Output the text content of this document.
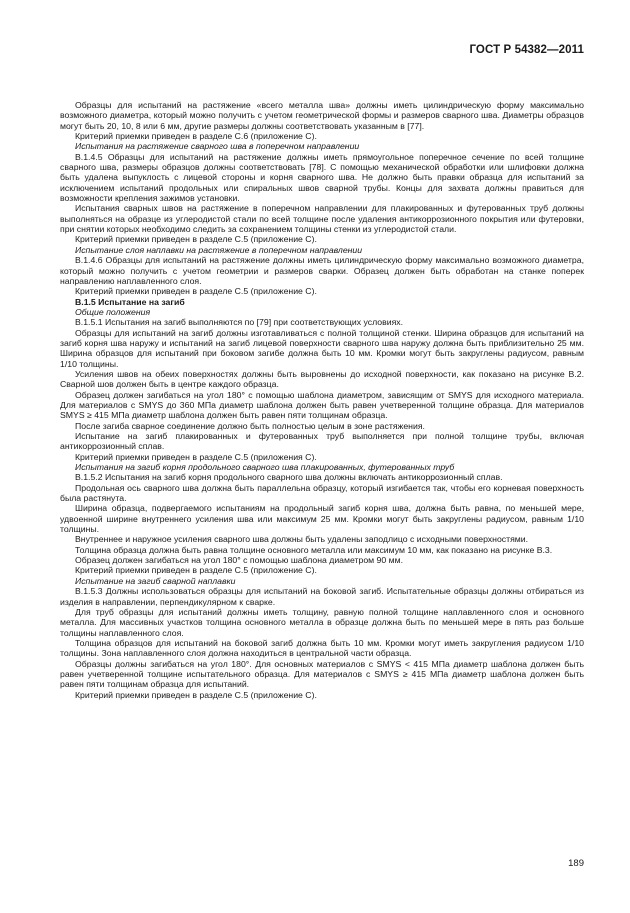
ГОСТ Р 54382—2011

Образцы для испытаний на растяжение «всего металла шва» должны иметь цилиндрическую форму максимально возможного диаметра, который можно получить с учетом геометрической формы и размеров сварного шва. Диаметры образцов могут быть 20, 10, 8 или 6 мм, другие размеры должны соответствовать указанным в [77].

Критерий приемки приведен в разделе С.6 (приложение С).

Испытания на растяжение сварного шва в поперечном направлении

В.1.4.5 Образцы для испытаний на растяжение должны иметь прямоугольное поперечное сечение по всей толщине сварного шва, размеры образцов должны соответствовать [78]. С помощью механической обработки или шлифовки должна быть удалена выпуклость с лицевой стороны и корня сварного шва. Не должно быть правки образца для испытаний за исключением испытаний продольных или спиральных швов сварной трубы. Концы для захвата должны правиться для возможности крепления зажимов установки.

Испытания сварных швов на растяжение в поперечном направлении для плакированных и футерованных труб должны выполняться на образце из углеродистой стали по всей толщине после удаления антикоррозионного покрытия или футеровки, при снятии которых необходимо следить за сохранением толщины стенки из углеродистой стали.

Критерий приемки приведен в разделе С.5 (приложение С).

Испытание слоя наплавки на растяжение в поперечном направлении

В.1.4.6 Образцы для испытаний на растяжение должны иметь цилиндрическую форму максимально возможного диаметра, который можно получить с учетом геометрии и размеров сварки. Образец должен быть обработан на станке поперек направлению наплавленного слоя.

Критерий приемки приведен в разделе С.5 (приложение С).

В.1.5 Испытание на загиб

Общие положения

В.1.5.1 Испытания на загиб выполняются по [79] при соответствующих условиях.

Образцы для испытаний на загиб должны изготавливаться с полной толщиной стенки. Ширина образцов для испытаний на загиб корня шва наружу и испытаний на загиб лицевой поверхности сварного шва наружу должна быть приблизительно 25 мм. Ширина образцов для испытаний при боковом загибе должна быть 10 мм. Кромки могут быть закруглены радиусом, равным 1/10 толщины.

Усиления швов на обеих поверхностях должны быть выровнены до исходной поверхности, как показано на рисунке В.2. Сварной шов должен быть в центре каждого образца.

Образец должен загибаться на угол 180° с помощью шаблона диаметром, зависящим от SMYS для исходного материала. Для материалов с SMYS до 360 МПа диаметр шаблона должен быть равен учетверенной толщине образца. Для материалов SMYS ≥ 415 МПа диаметр шаблона должен быть равен пяти толщинам образца.

После загиба сварное соединение должно быть полностью целым в зоне растяжения.

Испытание на загиб плакированных и футерованных труб выполняется при полной толщине трубы, включая антикоррозионный сплав.

Критерий приемки приведен в разделе С.5 (приложения С).

Испытания на загиб корня продольного сварного шва плакированных, футерованных труб

В.1.5.2 Испытания на загиб корня продольного сварного шва должны включать антикоррозионный сплав.

Продольная ось сварного шва должна быть параллельна образцу, который изгибается так, чтобы его корневая поверхность была растянута.

Ширина образца, подвергаемого испытаниям на продольный загиб корня шва, должна быть равна, по меньшей мере, удвоенной ширине внутреннего усиления шва или максимум 25 мм. Кромки могут быть закруглены радиусом, равным 1/10 толщины.

Внутреннее и наружное усиления сварного шва должны быть удалены заподлицо с исходными поверхностями.

Толщина образца должна быть равна толщине основного металла или максимум 10 мм, как показано на рисунке В.3.

Образец должен загибаться на угол 180° с помощью шаблона диаметром 90 мм.

Критерий приемки приведен в разделе С.5 (приложение С).

Испытание на загиб сварной наплавки

В.1.5.3 Должны использоваться образцы для испытаний на боковой загиб. Испытательные образцы должны отбираться из изделия в направлении, перпендикулярном к сварке.

Для труб образцы для испытаний должны иметь толщину, равную полной толщине наплавленного слоя и основного металла. Для массивных участков толщина основного металла в образце должна быть по меньшей мере в пять раз больше толщины наплавленного слоя.

Толщина образцов для испытаний на боковой загиб должна быть 10 мм. Кромки могут иметь закругления радиусом 1/10 толщины. Зона наплавленного слоя должна находиться в центральной части образца.

Образцы должны загибаться на угол 180°. Для основных материалов с SMYS < 415 МПа диаметр шаблона должен быть равен учетверенной толщине испытательного образца. Для материалов с SMYS ≥ 415 МПа диаметр шаблона должен быть равен пяти толщинам образца для испытаний.

Критерий приемки приведен в разделе С.5 (приложение С).

189
